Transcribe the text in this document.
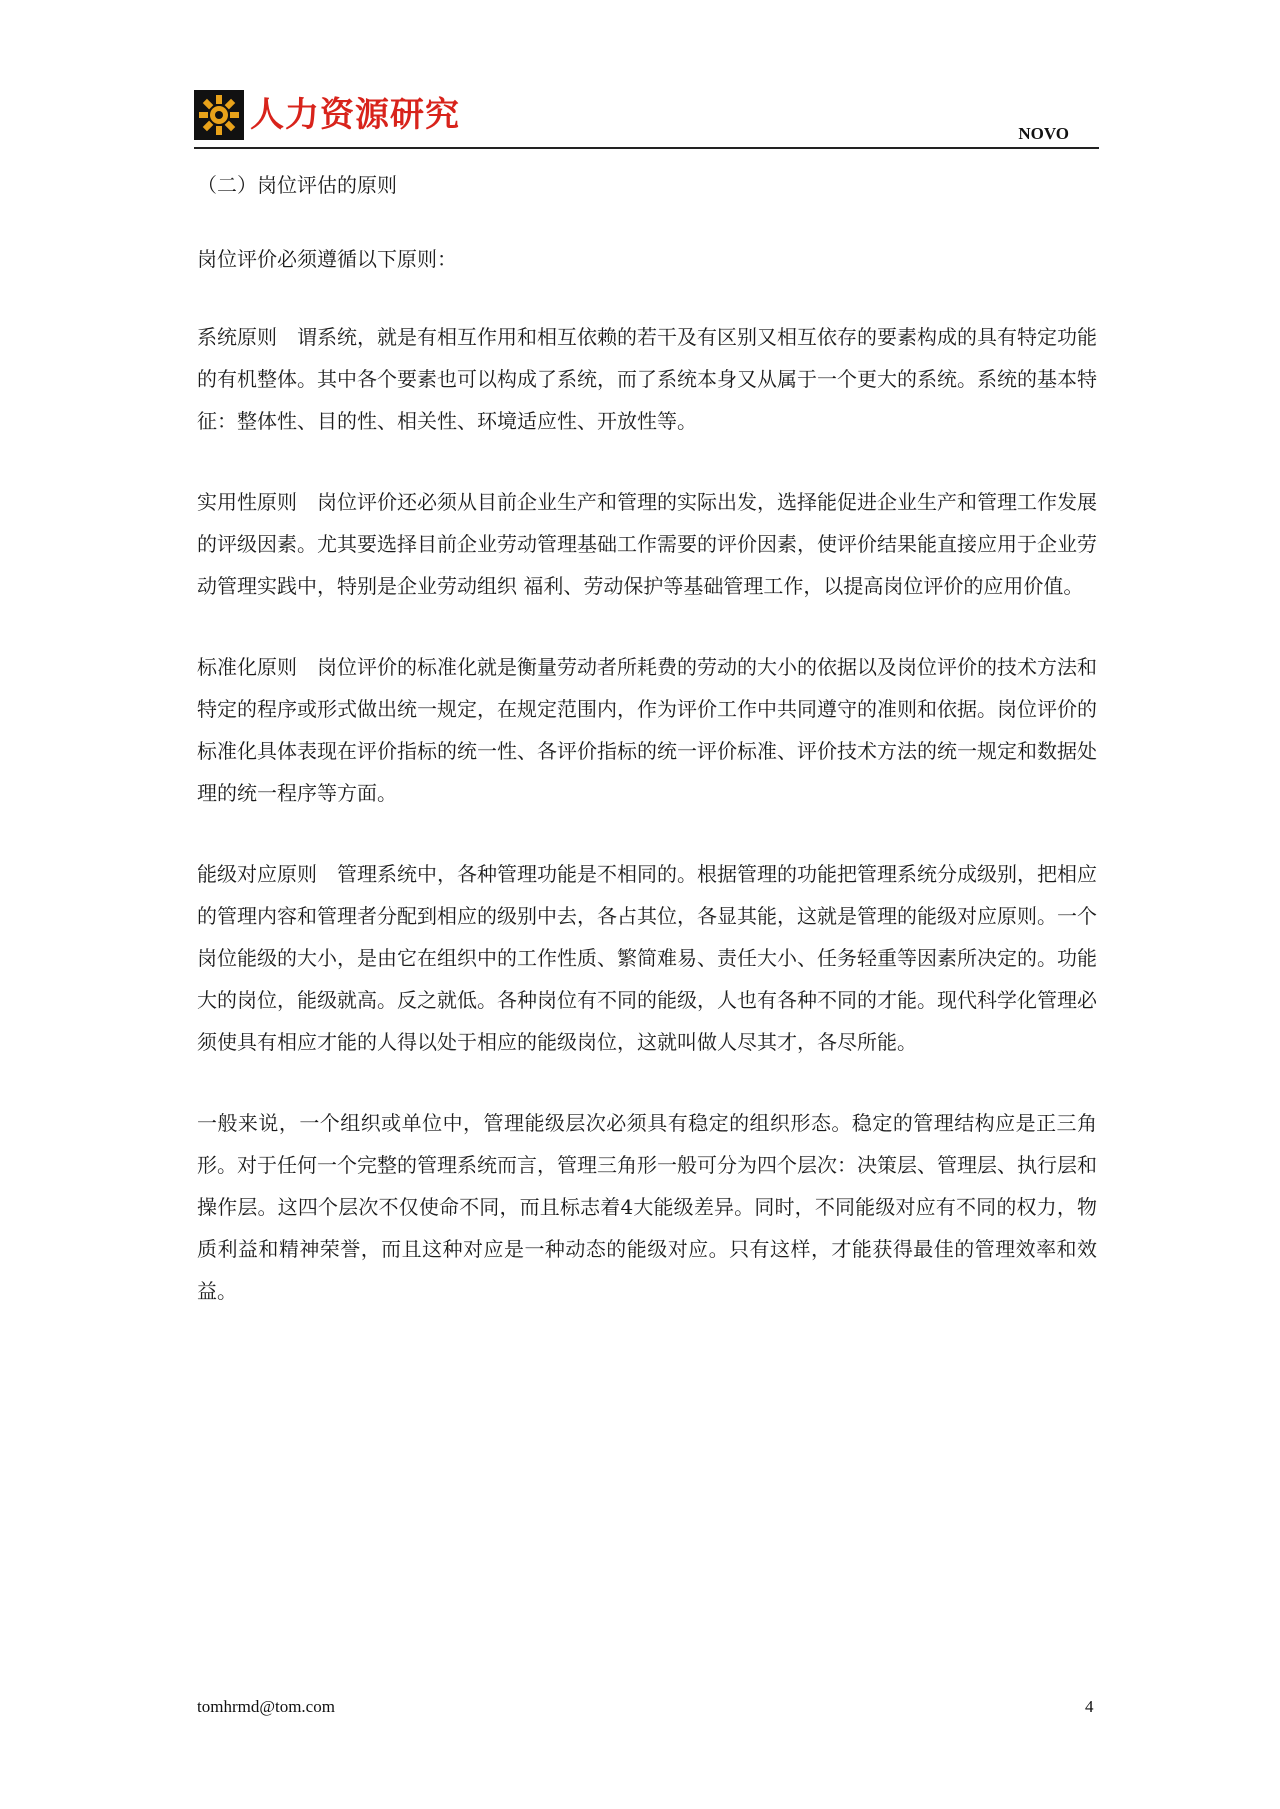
人力资源研究	NOVO
（二）岗位评估的原则
岗位评价必须遵循以下原则：

系统原则 谓系统，就是有相互作用和相互依赖的若干及有区别又相互依存的要素构成的具有特定功能的有机整体。其中各个要素也可以构成了系统，而了系统本身又从属于一个更大的系统。系统的基本特征：整体性、目的性、相关性、环境适应性、开放性等。

实用性原则 岗位评价还必须从目前企业生产和管理的实际出发，选择能促进企业生产和管理工作发展的评级因素。尤其要选择目前企业劳动管理基础工作需要的评价因素，使评价结果能直接应用于企业劳动管理实践中，特别是企业劳动组织 福利、劳动保护等基础管理工作，以提高岗位评价的应用价值。

标准化原则 岗位评价的标准化就是衡量劳动者所耗费的劳动的大小的依据以及岗位评价的技术方法和特定的程序或形式做出统一规定，在规定范围内，作为评价工作中共同遵守的准则和依据。岗位评价的标准化具体表现在评价指标的统一性、各评价指标的统一评价标准、评价技术方法的统一规定和数据处理的统一程序等方面。

能级对应原则 管理系统中，各种管理功能是不相同的。根据管理的功能把管理系统分成级别，把相应的管理内容和管理者分配到相应的级别中去，各占其位，各显其能，这就是管理的能级对应原则。一个岗位能级的大小，是由它在组织中的工作性质、繁简难易、责任大小、任务轻重等因素所决定的。功能大的岗位，能级就高。反之就低。各种岗位有不同的能级，人也有各种不同的才能。现代科学化管理必须使具有相应才能的人得以处于相应的能级岗位，这就叫做人尽其才，各尽所能。

一般来说，一个组织或单位中，管理能级层次必须具有稳定的组织形态。稳定的管理结构应是正三角形。对于任何一个完整的管理系统而言，管理三角形一般可分为四个层次：决策层、管理层、执行层和操作层。这四个层次不仅使命不同，而且标志着4大能级差异。同时，不同能级对应有不同的权力，物质利益和精神荣誉，而且这种对应是一种动态的能级对应。只有这样，才能获得最佳的管理效率和效益。

tomhrmd@tom.com	4
